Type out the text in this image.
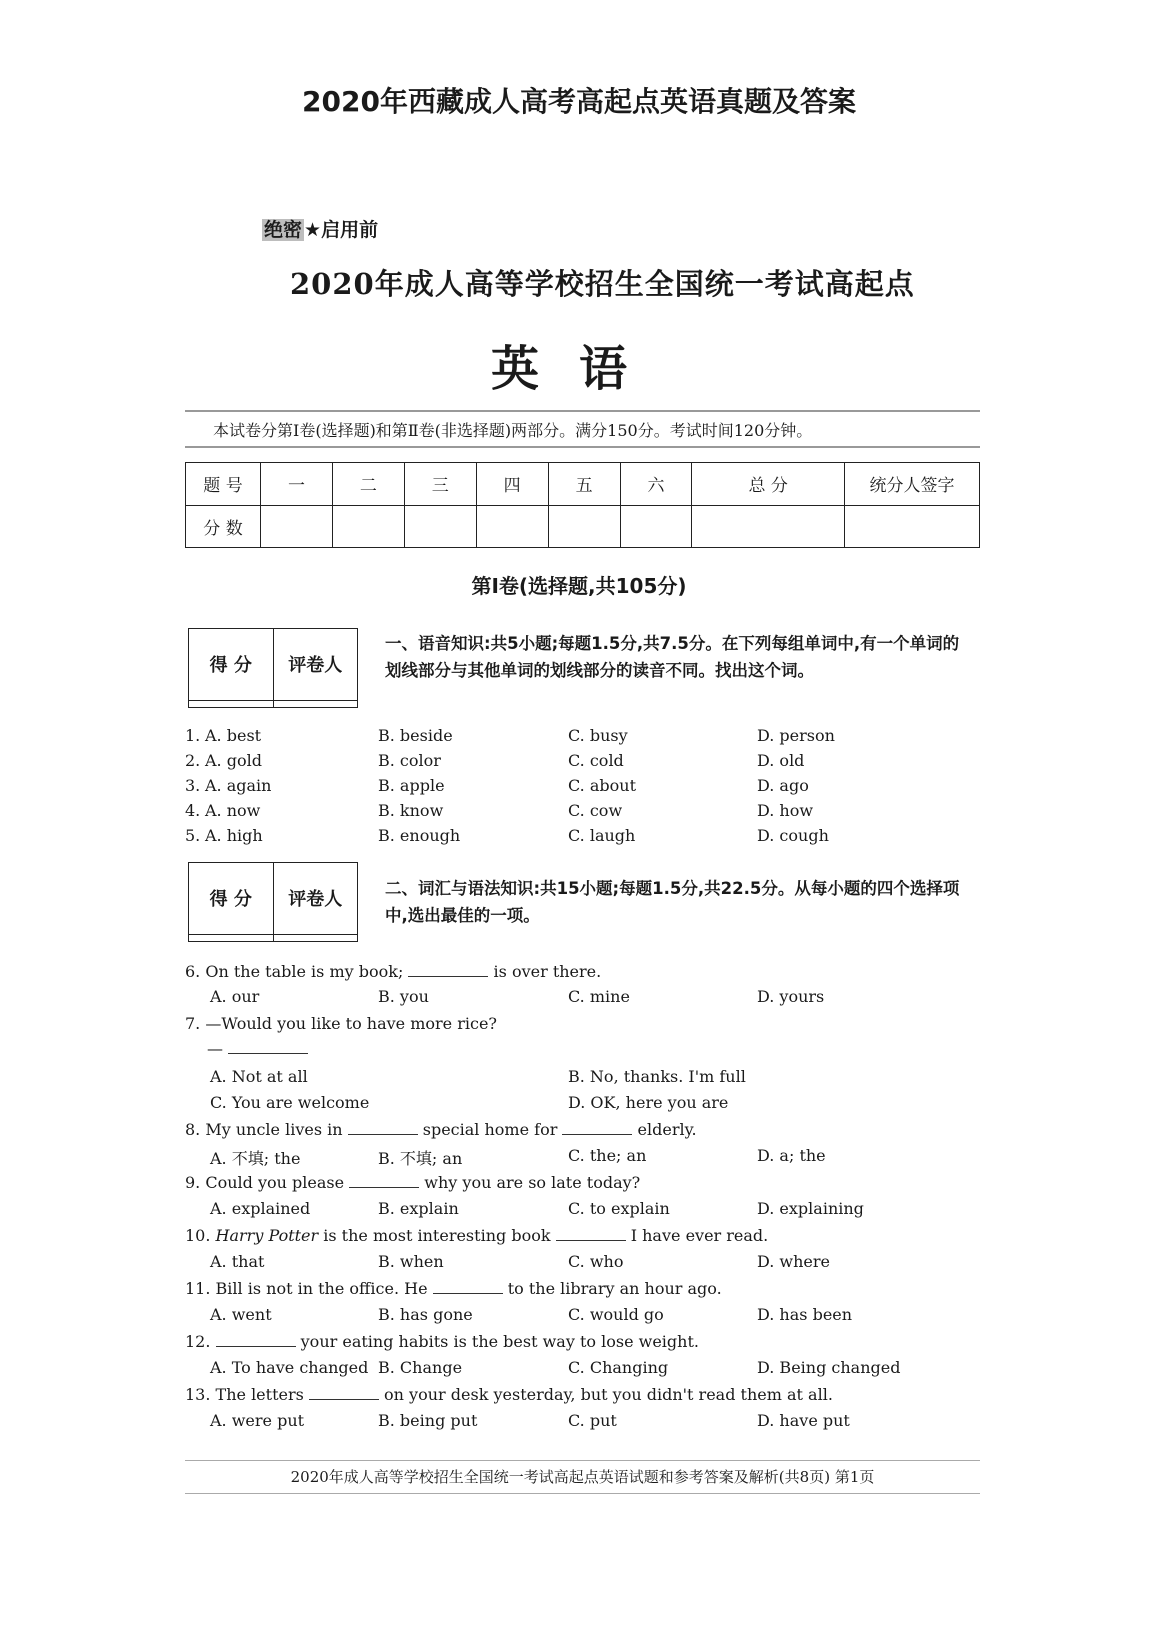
2020年西藏成人高考高起点英语真题及答案
绝密 ★启用前
2020年成人高等学校招生全国统一考试高起点
英语
本试卷分第Ⅰ卷(选择题)和第Ⅱ卷(非选择题)两部分。满分150分。考试时间120分钟。
题 号	一	二	三	四	五	六	总 分	统分人签字
分 数								
第Ⅰ卷(选择题,共105分)
得 分	评卷人

一、语音知识:共5小题;每题1.5分,共7.5分。在下列每组单词中,有一个单词的划线部分与其他单词的划线部分的读音不同。找出这个词。
1. A. best	B. beside	C. busy	D. person
2. A. gold	B. color	C. cold	D. old
3. A. again	B. apple	C. about	D. ago
4. A. now	B. know	C. cow	D. how
5. A. high	B. enough	C. laugh	D. cough
得 分	评卷人

二、词汇与语法知识:共15小题;每题1.5分,共22.5分。从每小题的四个选择项中,选出最佳的一项。
6. On the table is my book;	is over there.
A. our	B. you	C. mine	D. yours
7. —Would you like to have more rice?
—
A. Not at all	B. No, thanks. I'm full
C. You are welcome	D. OK, here you are
8. My uncle lives in	special home for	elderly.
A. 不填; the	B. 不填; an	C. the; an	D. a; the
9. Could you please	why you are so late today?
A. explained	B. explain	C. to explain	D. explaining
10. Harry Potter is the most interesting book	I have ever read.
A. that	B. when	C. who	D. where
11. Bill is not in the office. He	to the library an hour ago.
A. went	B. has gone	C. would go	D. has been
12.	your eating habits is the best way to lose weight.
A. To have changed B. Change	C. Changing	D. Being changed
13. The letters	on your desk yesterday, but you didn't read them at all.
A. were put	B. being put	C. put	D. have put
2020年成人高等学校招生全国统一考试高起点英语试题和参考答案及解析(共8页) 第1页
